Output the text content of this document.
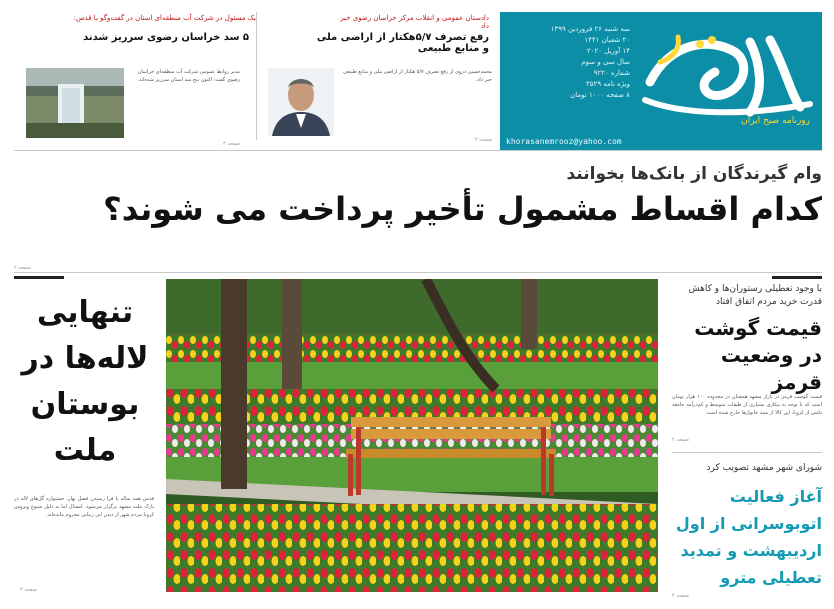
سه شنبه ۲۶ فروردین ۱۳۹۹
۲۰ شعبان ۱۴۴۱
۱۴ آوریل ۲۰۲۰
سال سی و سوم
شماره ۹۲۲۰
ویژه نامه ۳۵۲۹
۸ صفحه ۱۰۰۰ تومان
روزنامه صبح ایران
khorasanemrooz@yahoo.com
دادستان عمومی و انقلاب مرکز خراسان رضوی خبر داد
رفع تصرف ۵/۷هکتار از اراضی ملی و منابع طبیعی
محمدحسین دروی از رفع تصرف ۵/۷ هکتار از اراضی ملی و منابع طبیعی خبر داد.
صفحه ۳
یک مسئول در شرکت آب منطقه‌ای استان در گفت‌وگو با قدس:
۵ سد خراسان رضوی سرریز شدند
مدیر روابط عمومی شرکت آب منطقه‌ای خراسان رضوی گفت: اکنون پنج سد استان سرریز شده‌اند.
صفحه ۳
وام گیرندگان از بانک‌ها بخوانند
کدام اقساط مشمول تأخیر پرداخت می شوند؟
صفحه ۲
تنهایی لاله‌ها در بوستان ملت
قدس همه ساله با فرا رسیدن فصل بهار، جشنواره گل‌های لاله در پارک ملت مشهد برگزار می‌شود. امسال اما به دلیل شیوع ویروس کرونا مردم شهر از دیدن این زیبایی محروم مانده‌اند.
صفحه ۳
با وجود تعطیلی رستوران‌ها و کاهش قدرت خرید مردم اتفاق افتاد
قیمت گوشت در وضعیت قرمز
قیمت گوشت قرمز در بازار مشهد همچنان در محدوده ۱۰۰ هزار تومان است که با توجه به بیکاری بسیاری از طبقات متوسط و کم‌درآمد جامعه ناشی از کرونا، این کالا از سبد خانوارها خارج شده است.
صفحه ۲
شورای شهر مشهد تصویب کرد
آغاز فعالیت اتوبوسرانی از اول اردیبهشت و تمدید تعطیلی مترو
صفحه ۳
